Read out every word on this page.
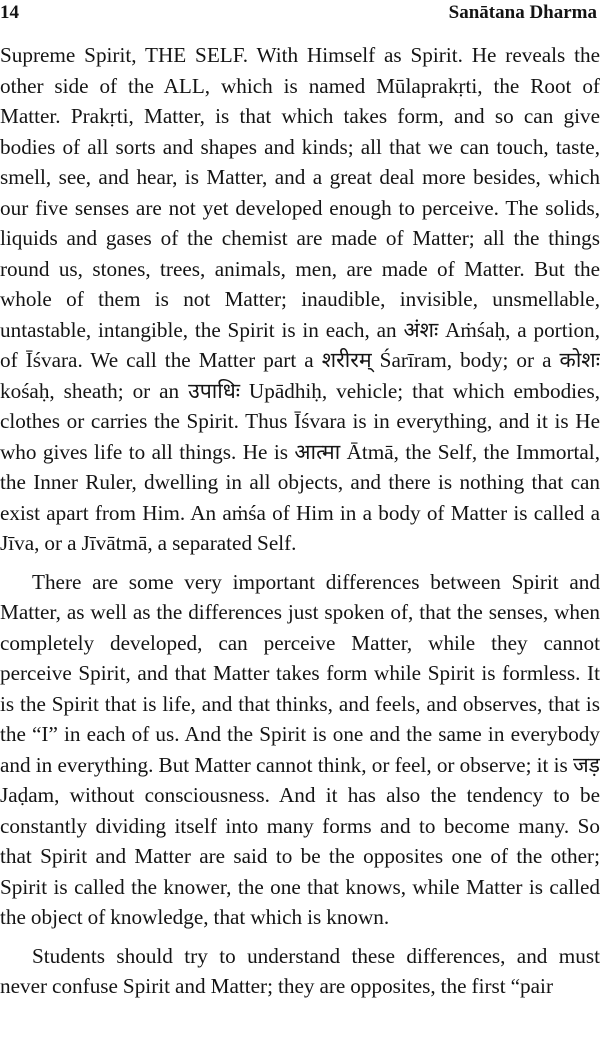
14	Sanātana Dharma

Supreme Spirit, THE SELF. With Himself as Spirit. He reveals the other side of the ALL, which is named Mūlaprakṛti, the Root of Matter. Prakṛti, Matter, is that which takes form, and so can give bodies of all sorts and shapes and kinds; all that we can touch, taste, smell, see, and hear, is Matter, and a great deal more besides, which our five senses are not yet developed enough to perceive. The solids, liquids and gases of the chemist are made of Matter; all the things round us, stones, trees, animals, men, are made of Matter. But the whole of them is not Matter; inaudible, invisible, unsmellable, untastable, intangible, the Spirit is in each, an अंशः Aṁśaḥ, a portion, of Īśvara. We call the Matter part a शरीरम् Śarīram, body; or a कोशः kośaḥ, sheath; or an उपाधिः Upādhiḥ, vehicle; that which embodies, clothes or carries the Spirit. Thus Īśvara is in everything, and it is He who gives life to all things. He is आत्मा Ātmā, the Self, the Immortal, the Inner Ruler, dwelling in all objects, and there is nothing that can exist apart from Him. An aṁśa of Him in a body of Matter is called a Jīva, or a Jīvātmā, a separated Self.

There are some very important differences between Spirit and Matter, as well as the differences just spoken of, that the senses, when completely developed, can perceive Matter, while they cannot perceive Spirit, and that Matter takes form while Spirit is formless. It is the Spirit that is life, and that thinks, and feels, and observes, that is the “I” in each of us. And the Spirit is one and the same in everybody and in everything. But Matter cannot think, or feel, or observe; it is जड़ Jaḍam, without consciousness. And it has also the tendency to be constantly dividing itself into many forms and to become many. So that Spirit and Matter are said to be the opposites one of the other; Spirit is called the knower, the one that knows, while Matter is called the object of knowledge, that which is known.

Students should try to understand these differences, and must never confuse Spirit and Matter; they are opposites, the first “pair
